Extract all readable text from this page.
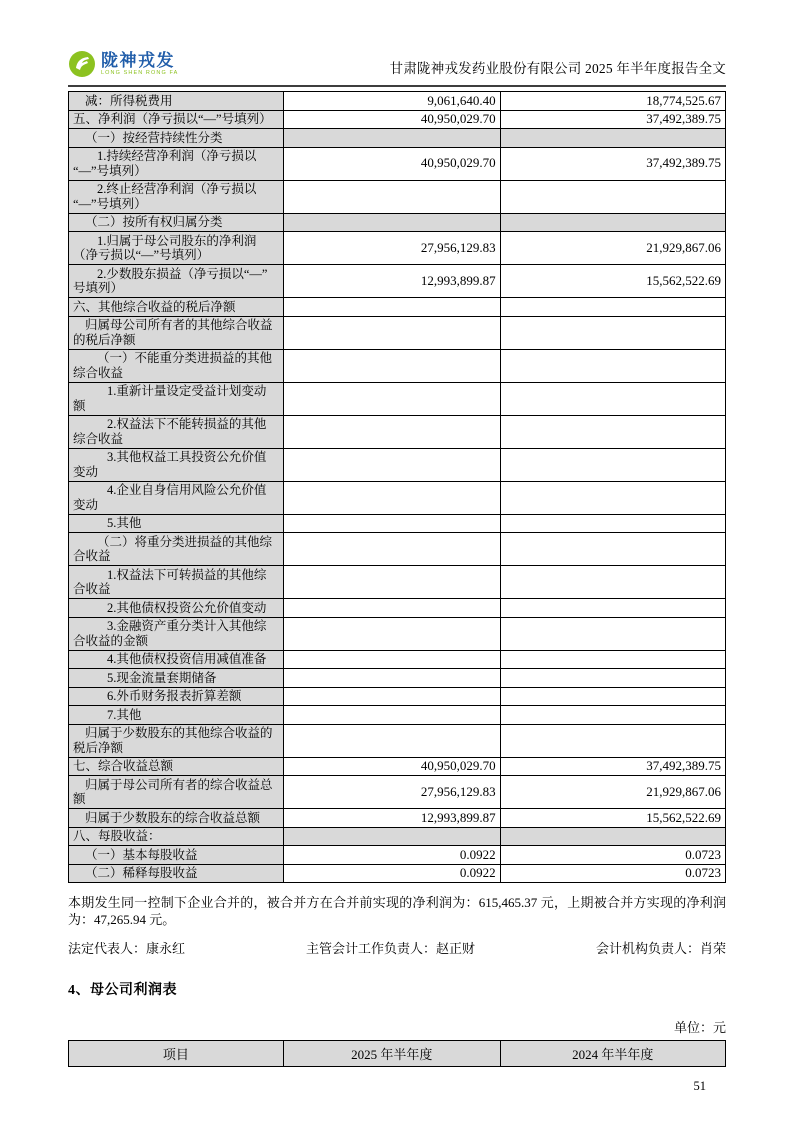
陇神戎发
LONG SHEN RONG FA	甘肃陇神戎发药业股份有限公司 2025 年半年度报告全文
减：所得税费用	9,061,640.40	18,774,525.67
五、净利润（净亏损以“—”号填列）	40,950,029.70	37,492,389.75
（一）按经营持续性分类		
1.持续经营净利润（净亏损以“—”号填列）	40,950,029.70	37,492,389.75
2.终止经营净利润（净亏损以“—”号填列）		
（二）按所有权归属分类		
1.归属于母公司股东的净利润（净亏损以“—”号填列）	27,956,129.83	21,929,867.06
2.少数股东损益（净亏损以“—”号填列）	12,993,899.87	15,562,522.69
六、其他综合收益的税后净额		
归属母公司所有者的其他综合收益的税后净额		
（一）不能重分类进损益的其他综合收益		
1.重新计量设定受益计划变动额		
2.权益法下不能转损益的其他综合收益		
3.其他权益工具投资公允价值变动		
4.企业自身信用风险公允价值变动		
5.其他		
（二）将重分类进损益的其他综合收益		
1.权益法下可转损益的其他综合收益		
2.其他债权投资公允价值变动		
3.金融资产重分类计入其他综合收益的金额		
4.其他债权投资信用减值准备		
5.现金流量套期储备		
6.外币财务报表折算差额		
7.其他		
归属于少数股东的其他综合收益的税后净额		
七、综合收益总额	40,950,029.70	37,492,389.75
归属于母公司所有者的综合收益总额	27,956,129.83	21,929,867.06
归属于少数股东的综合收益总额	12,993,899.87	15,562,522.69
八、每股收益：		
（一）基本每股收益	0.0922	0.0723
（二）稀释每股收益	0.0922	0.0723

本期发生同一控制下企业合并的，被合并方在合并前实现的净利润为：615,465.37 元，上期被合并方实现的净利润为：47,265.94 元。

法定代表人：康永红	主管会计工作负责人：赵正财	会计机构负责人：肖荣
4、母公司利润表
单位：元
项目	2025 年半年度	2024 年半年度
51
